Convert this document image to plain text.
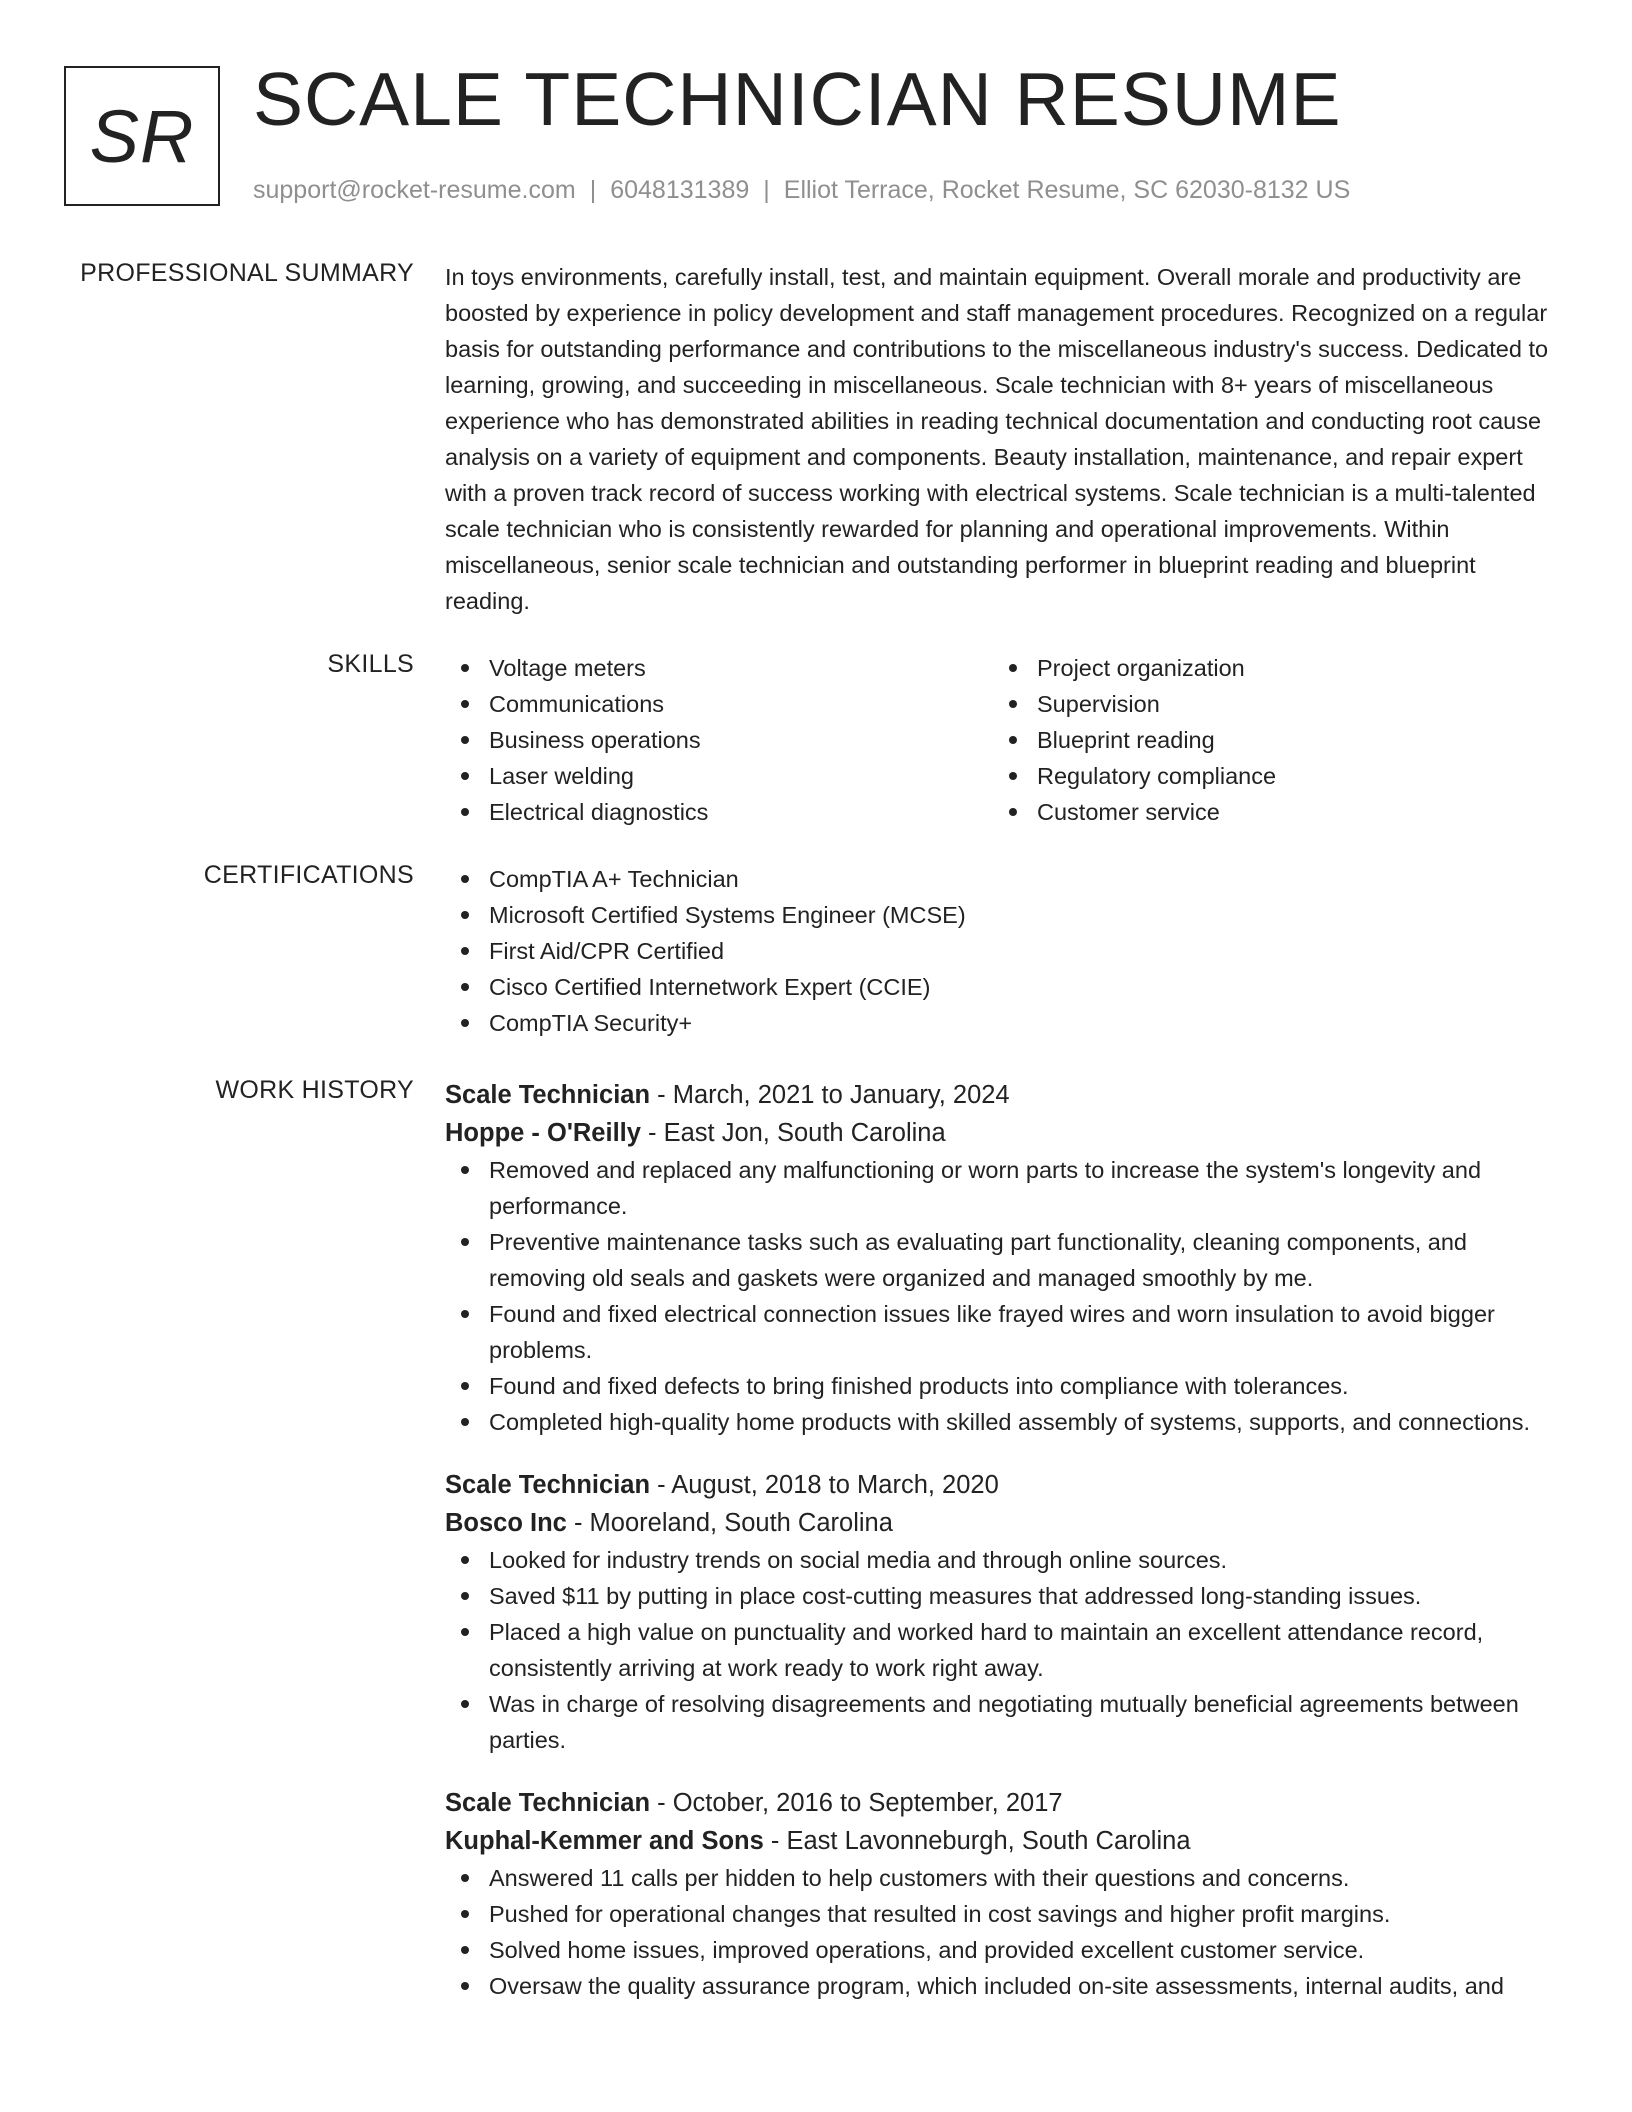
SR SCALE TECHNICIAN RESUME
support@rocket-resume.com | 6048131389 | Elliot Terrace, Rocket Resume, SC 62030-8132 US
PROFESSIONAL SUMMARY In toys environments, carefully install, test, and maintain equipment. Overall morale and productivity are boosted by experience in policy development and staff management procedures. Recognized on a regular basis for outstanding performance and contributions to the miscellaneous industry's success. Dedicated to learning, growing, and succeeding in miscellaneous. Scale technician with 8+ years of miscellaneous experience who has demonstrated abilities in reading technical documentation and conducting root cause analysis on a variety of equipment and components. Beauty installation, maintenance, and repair expert with a proven track record of success working with electrical systems. Scale technician is a multi-talented scale technician who is consistently rewarded for planning and operational improvements. Within miscellaneous, senior scale technician and outstanding performer in blueprint reading and blueprint reading.
SKILLS	Voltage meters
Communications
Business operations
Laser welding
Electrical diagnostics
Project organization
Supervision
Blueprint reading
Regulatory compliance
Customer service
CERTIFICATIONS	CompTIA A+ Technician
Microsoft Certified Systems Engineer (MCSE)
First Aid/CPR Certified
Cisco Certified Internetwork Expert (CCIE)
CompTIA Security+
WORK HISTORY Scale Technician - March, 2021 to January, 2024
Hoppe - O'Reilly - East Jon, South Carolina
Removed and replaced any malfunctioning or worn parts to increase the system's longevity and performance.
Preventive maintenance tasks such as evaluating part functionality, cleaning components, and removing old seals and gaskets were organized and managed smoothly by me.
Found and fixed electrical connection issues like frayed wires and worn insulation to avoid bigger problems.
Found and fixed defects to bring finished products into compliance with tolerances.
Completed high-quality home products with skilled assembly of systems, supports, and connections.
Scale Technician - August, 2018 to March, 2020
Bosco Inc - Mooreland, South Carolina
Looked for industry trends on social media and through online sources.
Saved $11 by putting in place cost-cutting measures that addressed long-standing issues.
Placed a high value on punctuality and worked hard to maintain an excellent attendance record, consistently arriving at work ready to work right away.
Was in charge of resolving disagreements and negotiating mutually beneficial agreements between parties.
Scale Technician - October, 2016 to September, 2017
Kuphal-Kemmer and Sons - East Lavonneburgh, South Carolina
Answered 11 calls per hidden to help customers with their questions and concerns.
Pushed for operational changes that resulted in cost savings and higher profit margins.
Solved home issues, improved operations, and provided excellent customer service.
Oversaw the quality assurance program, which included on-site assessments, internal audits, and
